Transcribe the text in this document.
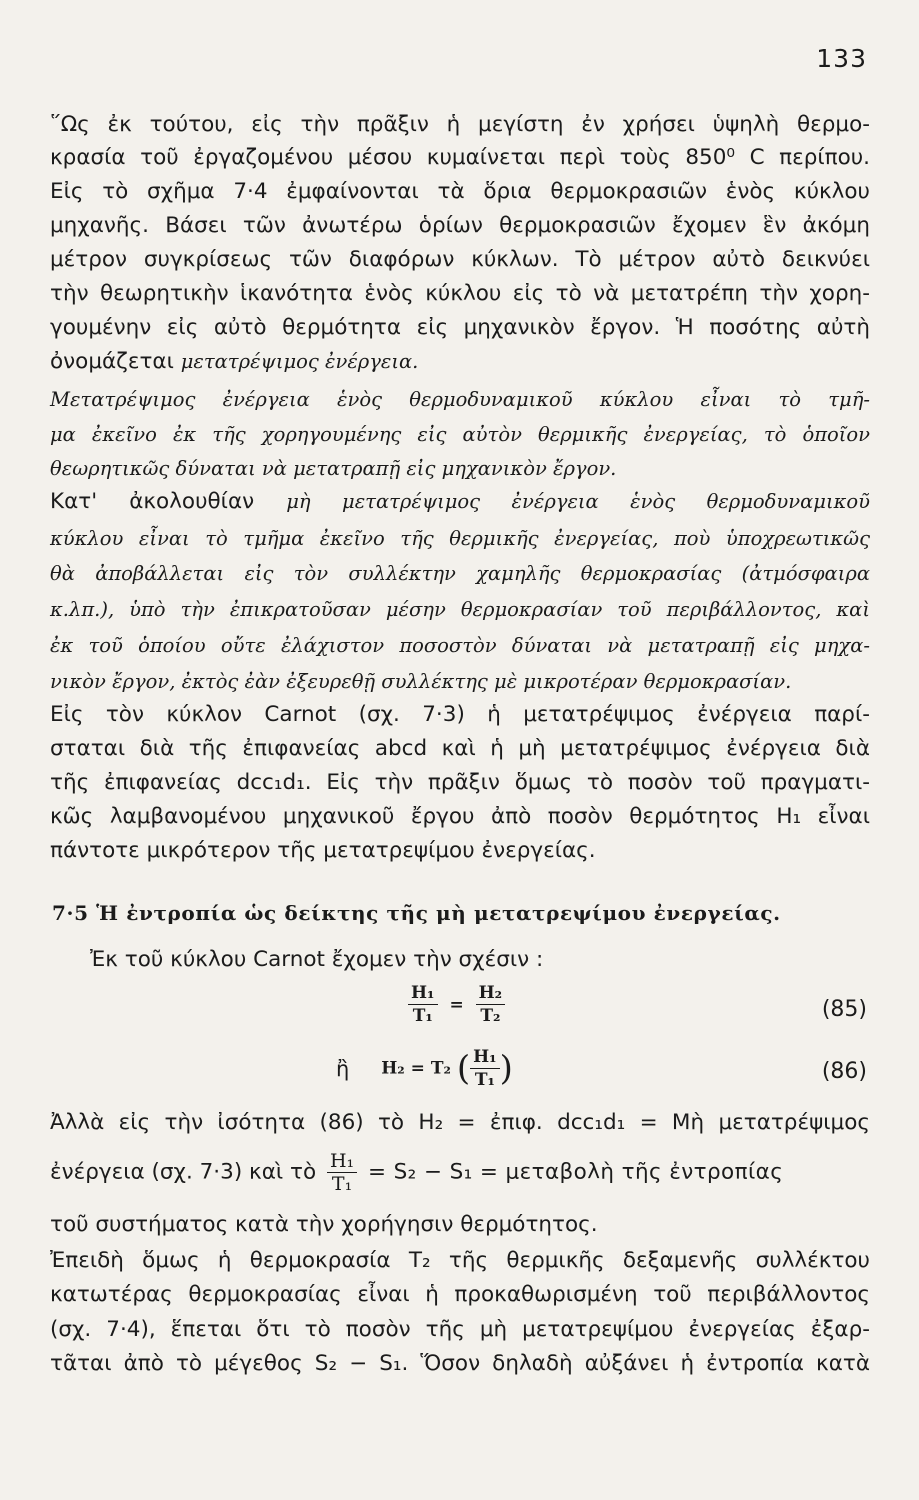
133
῞Ως ἐκ τούτου, εἰς τὴν πρᾶξιν ἡ μεγίστη ἐν χρήσει ὑψηλὴ θερμο-
κρασία τοῦ ἐργαζομένου μέσου κυμαίνεται περὶ τοὺς 850⁰ C περίπου.
Εἰς τὸ σχῆμα 7·4 ἐμφαίνονται τὰ ὅρια θερμοκρασιῶν ἑνὸς κύκλου
μηχανῆς. Βάσει τῶν ἀνωτέρω ὁρίων θερμοκρασιῶν ἔχομεν ἓν ἀκόμη
μέτρον συγκρίσεως τῶν διαφόρων κύκλων. Τὸ μέτρον αὐτὸ δεικνύει
τὴν θεωρητικὴν ἱκανότητα ἑνὸς κύκλου εἰς τὸ νὰ μετατρέπη τὴν χορη-
γουμένην εἰς αὐτὸ θερμότητα εἰς μηχανικὸν ἔργον. Ἡ ποσότης αὐτὴ
ὀνομάζεται μετατρέψιμος ἐνέργεια.
Μετατρέψιμος ἐνέργεια ἑνὸς θερμοδυναμικοῦ κύκλου εἶναι τὸ τμῆ-
μα ἐκεῖνο ἐκ τῆς χορηγουμένης εἰς αὐτὸν θερμικῆς ἐνεργείας, τὸ ὁποῖον
θεωρητικῶς δύναται νὰ μετατραπῇ εἰς μηχανικὸν ἔργον.
Κατ' ἀκολουθίαν μὴ μετατρέψιμος ἐνέργεια ἑνὸς θερμοδυναμικοῦ
κύκλου εἶναι τὸ τμῆμα ἐκεῖνο τῆς θερμικῆς ἐνεργείας, ποὺ ὑποχρεωτικῶς
θὰ ἀποβάλλεται εἰς τὸν συλλέκτην χαμηλῆς θερμοκρασίας (ἀτμόσφαιρα
κ.λπ.), ὑπὸ τὴν ἐπικρατοῦσαν μέσην θερμοκρασίαν τοῦ περιβάλλοντος, καὶ
ἐκ τοῦ ὁποίου οὔτε ἐλάχιστον ποσοστὸν δύναται νὰ μετατραπῇ εἰς μηχα-
νικὸν ἔργον, ἐκτὸς ἐὰν ἐξευρεθῇ συλλέκτης μὲ μικροτέραν θερμοκρασίαν.
Εἰς τὸν κύκλον Carnot (σχ. 7·3) ἡ μετατρέψιμος ἐνέργεια παρί-
σταται διὰ τῆς ἐπιφανείας abcd καὶ ἡ μὴ μετατρέψιμος ἐνέργεια διὰ
τῆς ἐπιφανείας dcc₁d₁. Εἰς τὴν πρᾶξιν ὅμως τὸ ποσὸν τοῦ πραγματι-
κῶς λαμβανομένου μηχανικοῦ ἔργου ἀπὸ ποσὸν θερμότητος H₁ εἶναι
πάντοτε μικρότερον τῆς μετατρεψίμου ἐνεργείας.
7·5 Ἡ ἐντροπία ὡς δείκτης τῆς μὴ μετατρεψίμου ἐνεργείας.
Ἐκ τοῦ κύκλου Carnot ἔχομεν τὴν σχέσιν :
$\frac{\text{H₁}}{\text{T₁}} = \frac{\text{H₂}}{\text{T₂}}$	(85)
ἢ H₂ = T₂ ( $\frac{\text{H₁}}{\text{T₁}}$ )	(86)
Ἀλλὰ εἰς τὴν ἰσότητα (86) τὸ H₂ = ἐπιφ. dcc₁d₁ = Μὴ μετατρέψιμος
ἐνέργεια (σχ. 7·3) καὶ τὸ $\frac{\text{H₁}}{\text{T₁}} = S_2 - S_1$ = μεταβολὴ τῆς ἐντροπίας
τοῦ συστήματος κατὰ τὴν χορήγησιν θερμότητος.
Ἐπειδὴ ὅμως ἡ θερμοκρασία T₂ τῆς θερμικῆς δεξαμενῆς συλλέκτου
κατωτέρας θερμοκρασίας εἶναι ἡ προκαθωρισμένη τοῦ περιβάλλοντος
(σχ. 7·4), ἕπεται ὅτι τὸ ποσὸν τῆς μὴ μετατρεψίμου ἐνεργείας ἐξαρ-
τᾶται ἀπὸ τὸ μέγεθος S₂ − S₁. Ὅσον δηλαδὴ αὐξάνει ἡ ἐντροπία κατὰ
